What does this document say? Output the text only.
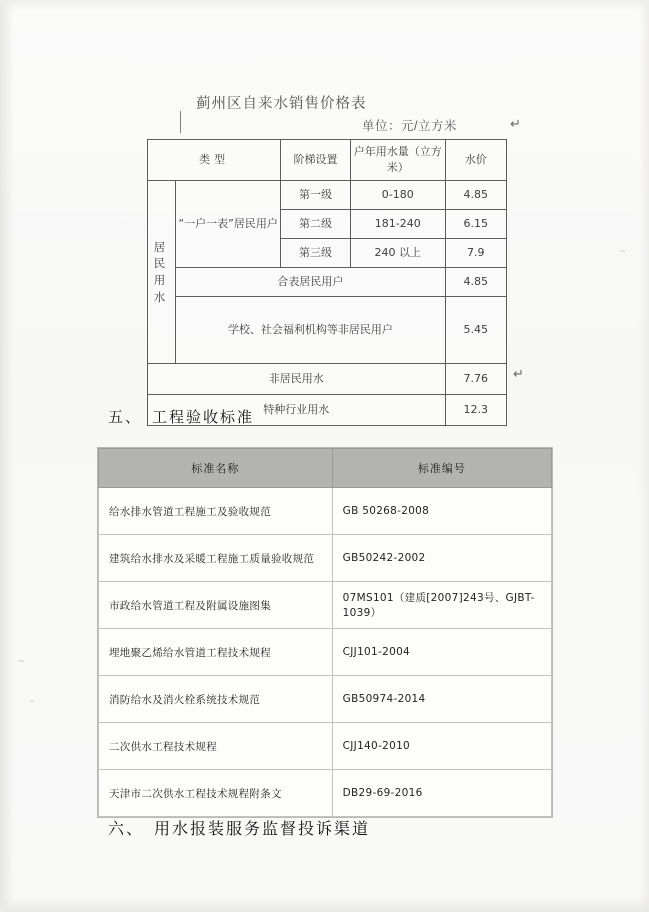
蓟州区自来水销售价格表
单位：元/立方米	↵
类型		阶梯设置	户年用水量（立方米）	水价
居民用水	“一户一表”居民用户	第一级	0-180	4.85
		第二级	181-240	6.15
		第三级	240 以上	7.9
	合表居民用户			4.85
	学校、社会福利机构等非居民用户			5.45
非居民用水				7.76
特种行业用水				12.3
↵
五、 工程验收标准
标准名称	标准编号
给水排水管道工程施工及验收规范	GB 50268-2008
建筑给水排水及采暖工程施工质量验收规范	GB50242-2002
市政给水管道工程及附属设施图集	07MS101（建质[2007]243号、GJBT-1039）
埋地聚乙烯给水管道工程技术规程	CJJ101-2004
消防给水及消火栓系统技术规范	GB50974-2014
二次供水工程技术规程	CJJ140-2010
天津市二次供水工程技术规程附条文	DB29-69-2016
六、 用水报装服务监督投诉渠道
